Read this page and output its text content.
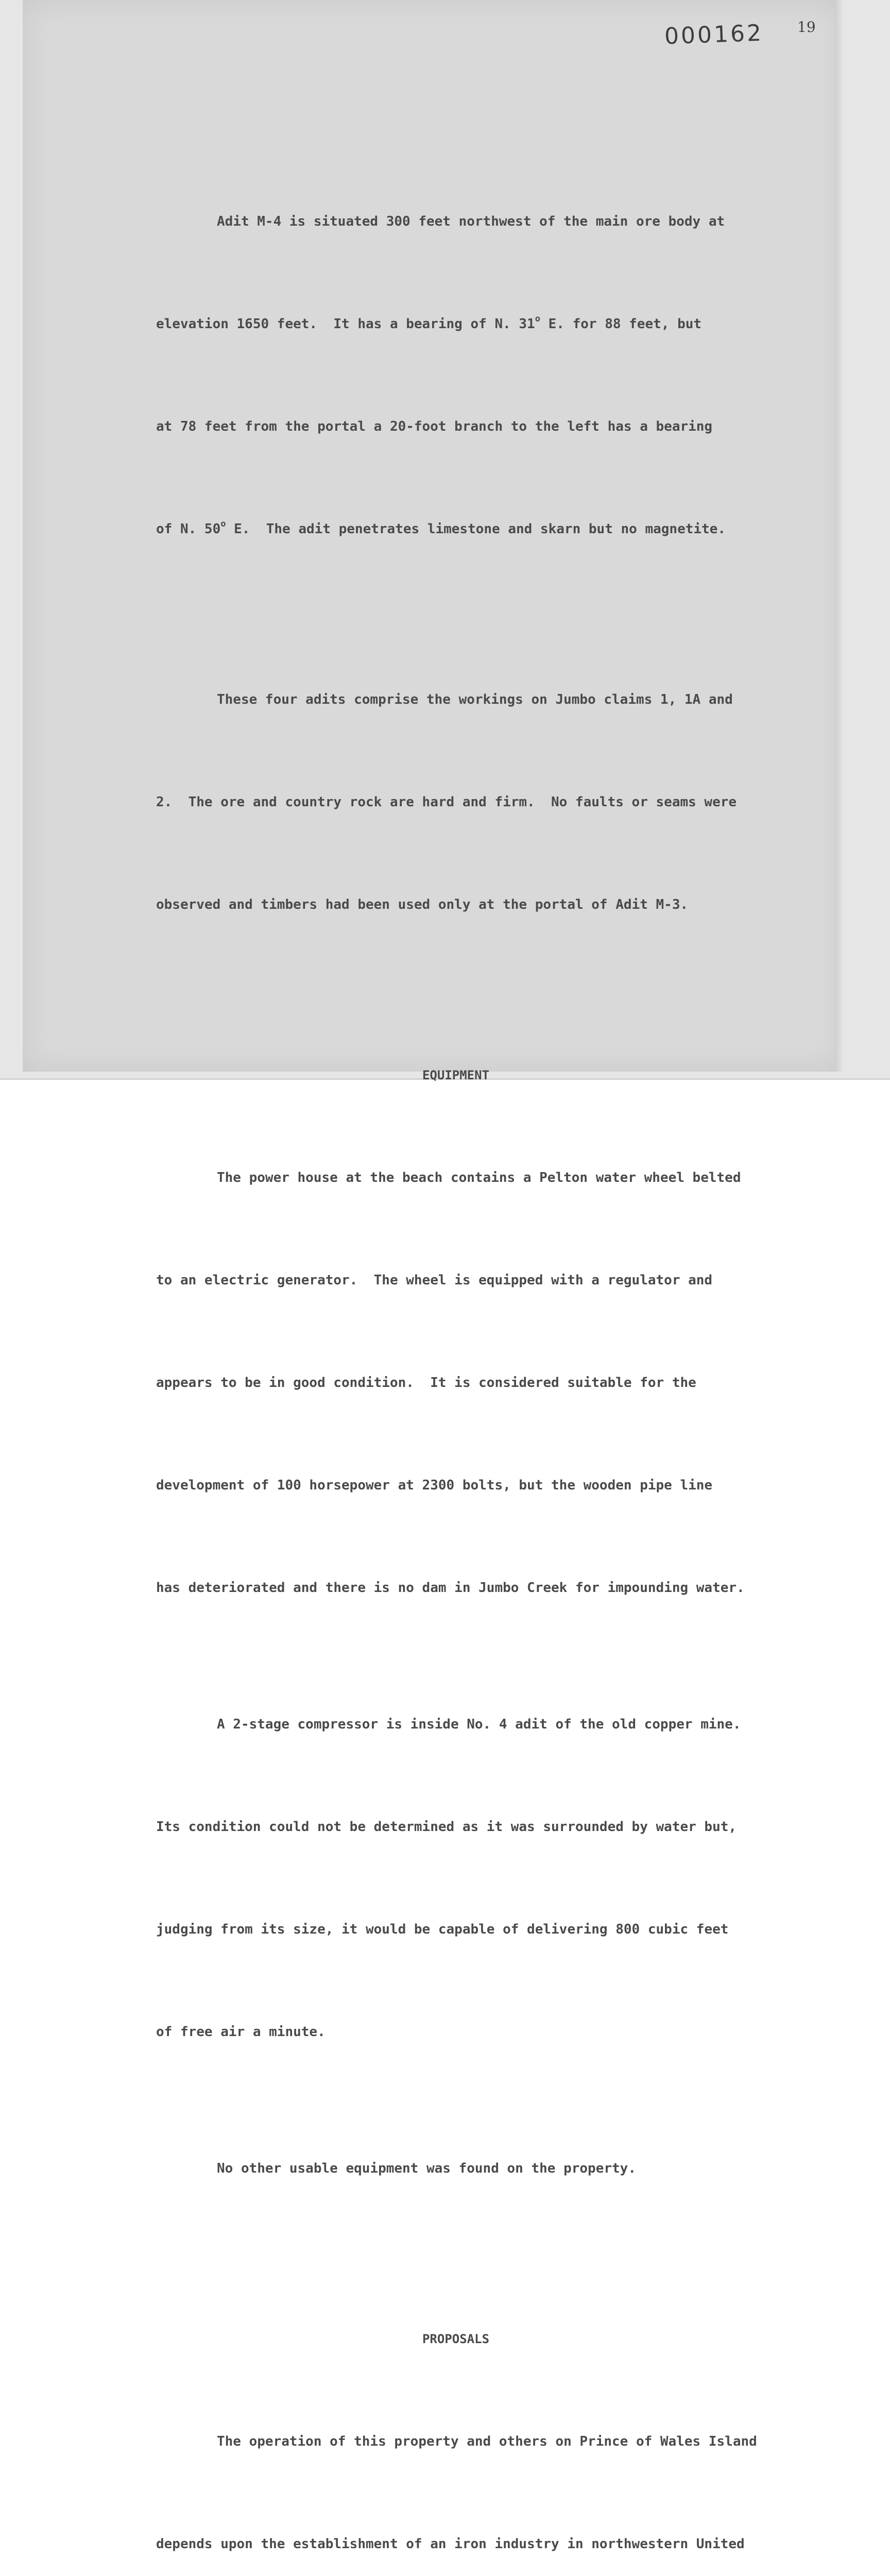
000162 19

Adit M-4 is situated 300 feet northwest of the main ore body at

elevation 1650 feet.  It has a bearing of N. 31$^o$ E. for 88 feet, but

at 78 feet from the portal a 20-foot branch to the left has a bearing

of N. 50$^o$ E.  The adit penetrates limestone and skarn but no magnetite.

These four adits comprise the workings on Jumbo claims 1, 1A and

2.  The ore and country rock are hard and firm.  No faults or seams were

observed and timbers had been used only at the portal of Adit M-3.

EQUIPMENT

The power house at the beach contains a Pelton water wheel belted

to an electric generator.  The wheel is equipped with a regulator and

appears to be in good condition.  It is considered suitable for the

development of 100 horsepower at 2300 bolts, but the wooden pipe line

has deteriorated and there is no dam in Jumbo Creek for impounding water.

A 2-stage compressor is inside No. 4 adit of the old copper mine.

Its condition could not be determined as it was surrounded by water but,

judging from its size, it would be capable of delivering 800 cubic feet

of free air a minute.

No other usable equipment was found on the property.

PROPOSALS

The operation of this property and others on Prince of Wales Island

depends upon the establishment of an iron industry in northwestern United
